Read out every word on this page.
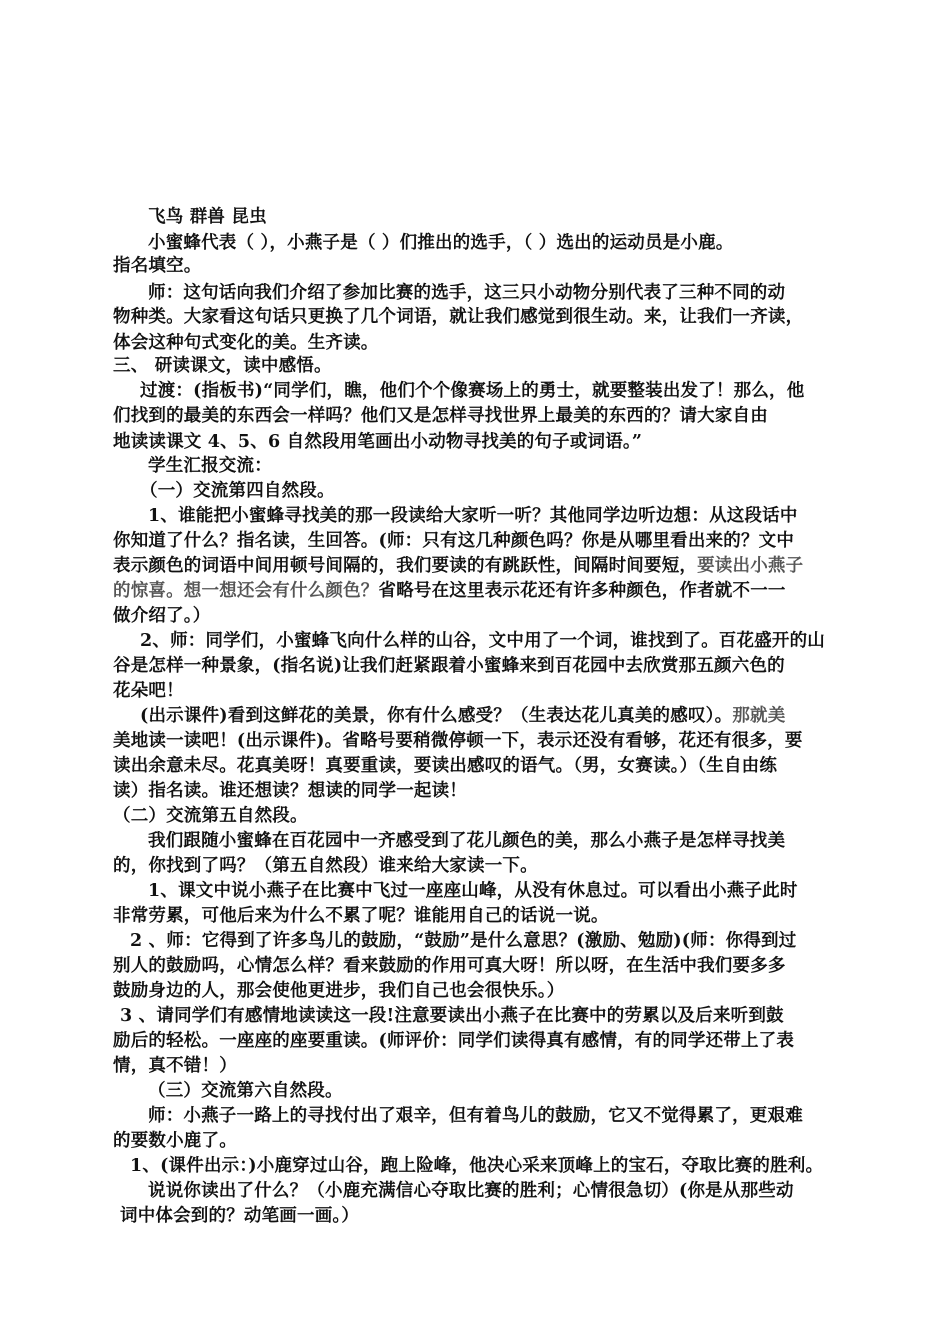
飞鸟 群兽 昆虫
小蜜蜂代表（ ），小燕子是（ ）们推出的选手，（ ）选出的运动员是小鹿。
指名填空。
师：这句话向我们介绍了参加比赛的选手，这三只小动物分别代表了三种不同的动
物种类。大家看这句话只更换了几个词语，就让我们感觉到很生动。来，让我们一齐读，
体会这种句式变化的美。生齐读。
三、 研读课文，读中感悟。
过渡：(指板书)“同学们，瞧，他们个个像赛场上的勇士，就要整装出发了！那么，他
们找到的最美的东西会一样吗？他们又是怎样寻找世界上最美的东西的？请大家自由
地读读课文 4、5、6 自然段用笔画出小动物寻找美的句子或词语。”
学生汇报交流：
（一）交流第四自然段。
1、谁能把小蜜蜂寻找美的那一段读给大家听一听？其他同学边听边想：从这段话中
你知道了什么？指名读，生回答。(师：只有这几种颜色吗？你是从哪里看出来的？文中
表示颜色的词语中间用顿号间隔的，我们要读的有跳跃性，间隔时间要短，要读出小燕子
的惊喜。想一想还会有什么颜色？省略号在这里表示花还有许多种颜色，作者就不一一
做介绍了。）
2、师：同学们，小蜜蜂飞向什么样的山谷，文中用了一个词，谁找到了。百花盛开的山
谷是怎样一种景象，(指名说)让我们赶紧跟着小蜜蜂来到百花园中去欣赏那五颜六色的
花朵吧！
(出示课件)看到这鲜花的美景，你有什么感受？（生表达花儿真美的感叹）。那就美
美地读一读吧！(出示课件)。省略号要稍微停顿一下，表示还没有看够，花还有很多，要
读出余意未尽。花真美呀！真要重读，要读出感叹的语气。（男，女赛读。）（生自由练
读）指名读。谁还想读？想读的同学一起读！
（二）交流第五自然段。
我们跟随小蜜蜂在百花园中一齐感受到了花儿颜色的美，那么小燕子是怎样寻找美
的，你找到了吗？（第五自然段）谁来给大家读一下。
1、课文中说小燕子在比赛中飞过一座座山峰，从没有休息过。可以看出小燕子此时
非常劳累，可他后来为什么不累了呢？谁能用自己的话说一说。
2 、师：它得到了许多鸟儿的鼓励，“鼓励”是什么意思？(激励、勉励)(师：你得到过
别人的鼓励吗，心情怎么样？看来鼓励的作用可真大呀！所以呀，在生活中我们要多多
鼓励身边的人，那会使他更进步，我们自己也会很快乐。）
3 、请同学们有感情地读读这一段!注意要读出小燕子在比赛中的劳累以及后来听到鼓
励后的轻松。一座座的座要重读。(师评价：同学们读得真有感情，有的同学还带上了表
情，真不错！）
（三）交流第六自然段。
师：小燕子一路上的寻找付出了艰辛，但有着鸟儿的鼓励，它又不觉得累了，更艰难
的要数小鹿了。
1、(课件出示：)小鹿穿过山谷，跑上险峰，他决心采来顶峰上的宝石，夺取比赛的胜利。
说说你读出了什么？（小鹿充满信心夺取比赛的胜利；心情很急切）(你是从那些动
词中体会到的？动笔画一画。）
